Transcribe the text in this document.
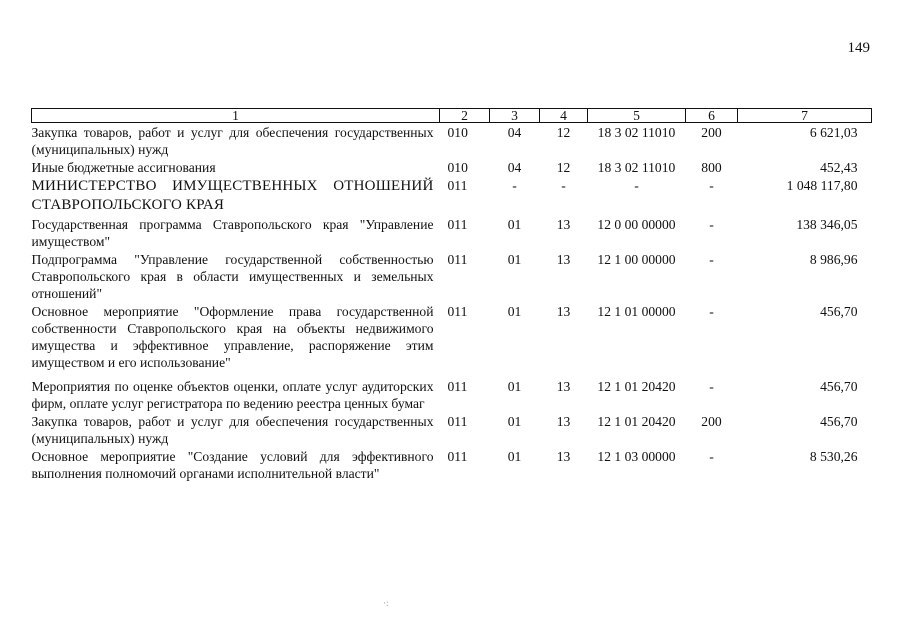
149
1	2	3	4	5	6	7
Закупка товаров, работ и услуг для обеспечения государственных (муниципальных) нужд	010	04	12	18 3 02 11010	200	6 621,03
Иные бюджетные ассигнования	010	04	12	18 3 02 11010	800	452,43
МИНИСТЕРСТВО ИМУЩЕСТВЕННЫХ ОТНОШЕНИЙ СТАВРОПОЛЬСКОГО КРАЯ	011	-	-	-	-	1 048 117,80
Государственная программа Ставропольского края "Управление имуществом"	011	01	13	12 0 00 00000	-	138 346,05
Подпрограмма "Управление государственной собственностью Ставропольского края в области имущественных и земельных отношений"	011	01	13	12 1 00 00000	-	8 986,96
Основное мероприятие "Оформление права государственной собственности Ставропольского края на объекты недвижимого имущества и эффективное управление, распоряжение этим имуществом и его использование"	011	01	13	12 1 01 00000	-	456,70

Мероприятия по оценке объектов оценки, оплате услуг аудиторских фирм, оплате услуг регистратора по ведению реестра ценных бумаг	011	01	13	12 1 01 20420	-	456,70
Закупка товаров, работ и услуг для обеспечения государственных (муниципальных) нужд	011	01	13	12 1 01 20420	200	456,70
Основное мероприятие "Создание условий для эффективного выполнения полномочий органами исполнительной власти"	011	01	13	12 1 03 00000	-	8 530,26
·:
